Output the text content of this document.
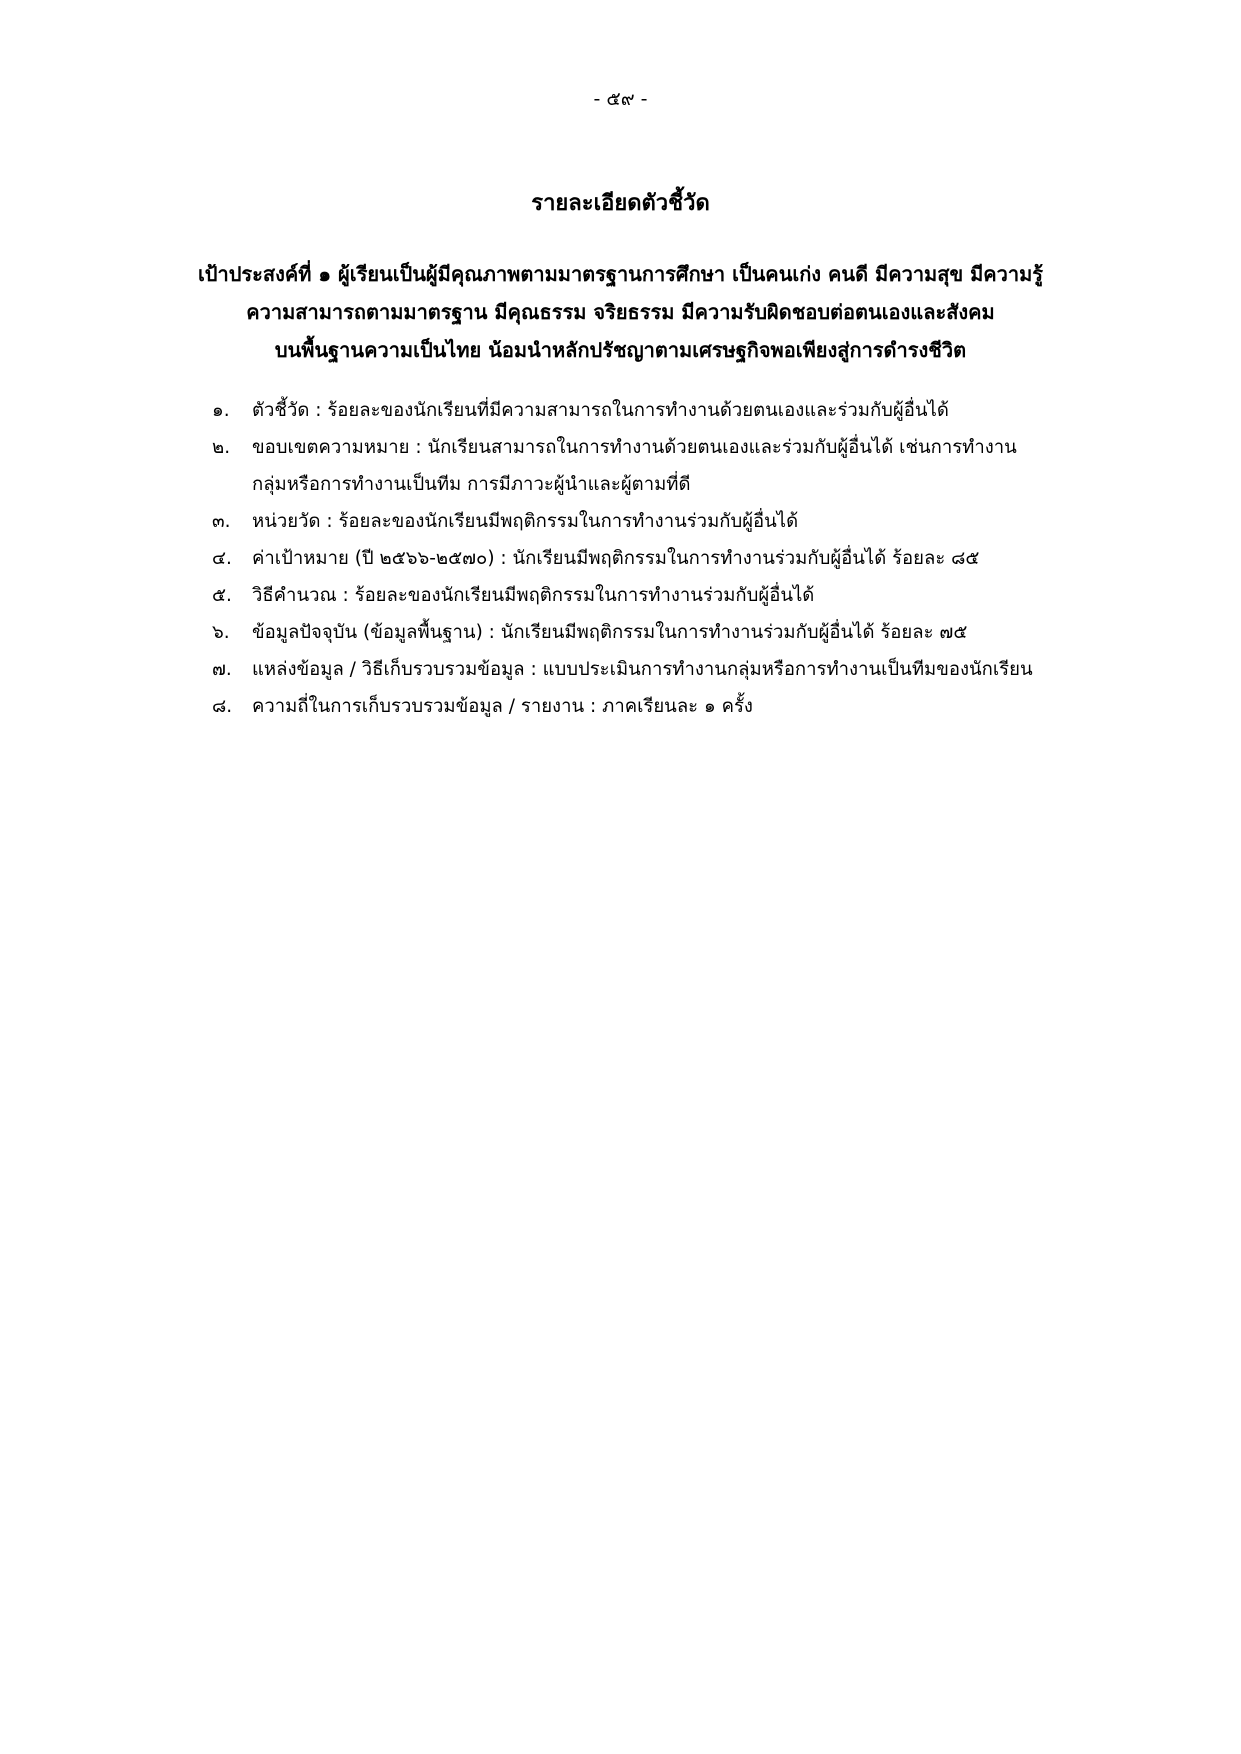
- ๕๙ -
รายละเอียดตัวชี้วัด
เป้าประสงค์ที่ ๑ ผู้เรียนเป็นผู้มีคุณภาพตามมาตรฐานการศึกษา เป็นคนเก่ง คนดี มีความสุข มีความรู้
ความสามารถตามมาตรฐาน มีคุณธรรม จริยธรรม มีความรับผิดชอบต่อตนเองและสังคม
บนพื้นฐานความเป็นไทย น้อมนำหลักปรัชญาตามเศรษฐกิจพอเพียงสู่การดำรงชีวิต
๑.	ตัวชี้วัด : ร้อยละของนักเรียนที่มีความสามารถในการทำงานด้วยตนเองและร่วมกับผู้อื่นได้
๒.	ขอบเขตความหมาย : นักเรียนสามารถในการทำงานด้วยตนเองและร่วมกับผู้อื่นได้ เช่นการทำงาน
กลุ่มหรือการทำงานเป็นทีม การมีภาวะผู้นำและผู้ตามที่ดี
๓.	หน่วยวัด : ร้อยละของนักเรียนมีพฤติกรรมในการทำงานร่วมกับผู้อื่นได้
๔.	ค่าเป้าหมาย (ปี ๒๕๖๖-๒๕๗๐) : นักเรียนมีพฤติกรรมในการทำงานร่วมกับผู้อื่นได้ ร้อยละ ๘๕
๕.	วิธีคำนวณ : ร้อยละของนักเรียนมีพฤติกรรมในการทำงานร่วมกับผู้อื่นได้
๖.	ข้อมูลปัจจุบัน (ข้อมูลพื้นฐาน) : นักเรียนมีพฤติกรรมในการทำงานร่วมกับผู้อื่นได้ ร้อยละ ๗๕
๗.	แหล่งข้อมูล / วิธีเก็บรวบรวมข้อมูล : แบบประเมินการทำงานกลุ่มหรือการทำงานเป็นทีมของนักเรียน
๘.	ความถี่ในการเก็บรวบรวมข้อมูล / รายงาน : ภาคเรียนละ ๑ ครั้ง
